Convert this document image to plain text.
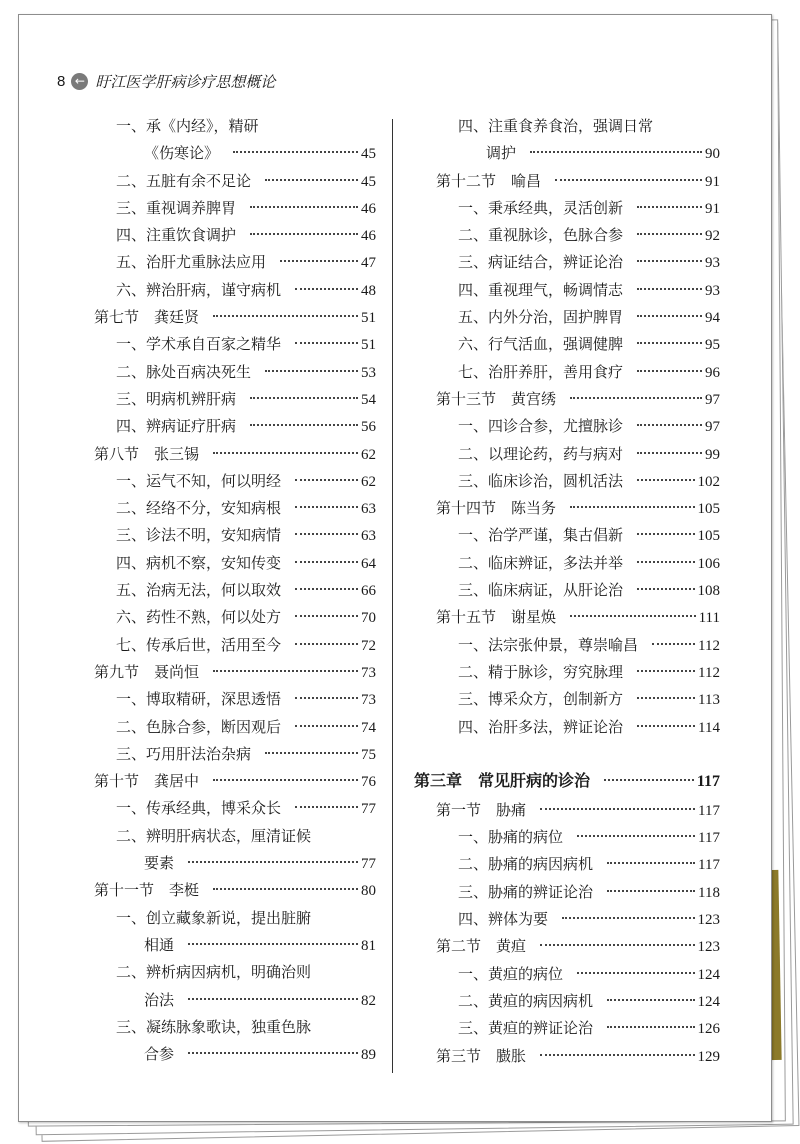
8 ← 盱江医学肝病诊疗思想概论
一、承《内经》，精研
《伤寒论》	45
二、五脏有余不足论	45
三、重视调养脾胃	46
四、注重饮食调护	46
五、治肝尤重脉法应用	47
六、辨治肝病，谨守病机	48
第七节　龚廷贤	51
一、学术承自百家之精华	51
二、脉处百病决死生	53
三、明病机辨肝病	54
四、辨病证疗肝病	56
第八节　张三锡	62
一、运气不知，何以明经	62
二、经络不分，安知病根	63
三、诊法不明，安知病情	63
四、病机不察，安知传变	64
五、治病无法，何以取效	66
六、药性不熟，何以处方	70
七、传承后世，活用至今	72
第九节　聂尚恒	73
一、博取精研，深思透悟	73
二、色脉合参，断因观后	74
三、巧用肝法治杂病	75
第十节　龚居中	76
一、传承经典，博采众长	77
二、辨明肝病状态，厘清证候
要素	77
第十一节　李梃	80
一、创立藏象新说，提出脏腑
相通	81
二、辨析病因病机，明确治则
治法	82
三、凝练脉象歌诀，独重色脉
合参	89
四、注重食养食治，强调日常
调护	90
第十二节　喻昌	91
一、秉承经典，灵活创新	91
二、重视脉诊，色脉合参	92
三、病证结合，辨证论治	93
四、重视理气，畅调情志	93
五、内外分治，固护脾胃	94
六、行气活血，强调健脾	95
七、治肝养肝，善用食疗	96
第十三节　黄宫绣	97
一、四诊合参，尤擅脉诊	97
二、以理论药，药与病对	99
三、临床诊治，圆机活法	102
第十四节　陈当务	105
一、治学严谨，集古倡新	105
二、临床辨证，多法并举	106
三、临床病证，从肝论治	108
第十五节　谢星焕	111
一、法宗张仲景，尊崇喻昌	112
二、精于脉诊，穷究脉理	112
三、博采众方，创制新方	113
四、治肝多法，辨证论治	114
第三章　常见肝病的诊治	117
第一节　胁痛	117
一、胁痛的病位	117
二、胁痛的病因病机	117
三、胁痛的辨证论治	118
四、辨体为要	123
第二节　黄疸	123
一、黄疸的病位	124
二、黄疸的病因病机	124
三、黄疸的辨证论治	126
第三节　臌胀	129
